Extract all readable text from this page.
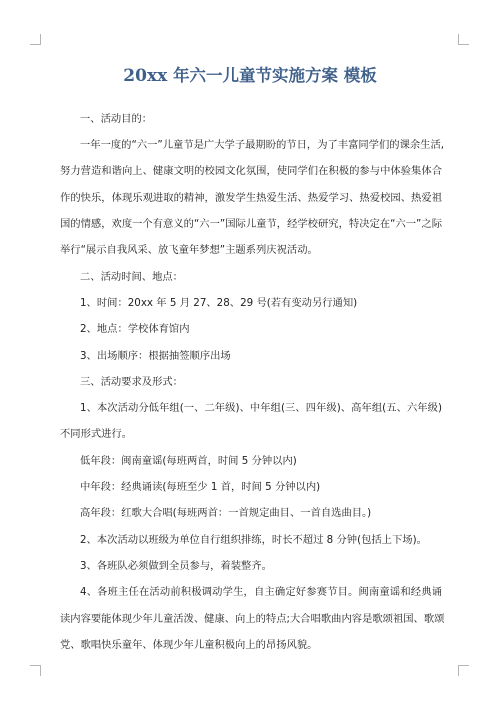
20xx 年六一儿童节实施方案 模板
一、活动目的：
一年一度的“六一”儿童节是广大学子最期盼的节日，为了丰富同学们的课余生活,
努力营造和谐向上、健康文明的校园文化氛围，使同学们在积极的参与中体验集体合
作的快乐，体现乐观进取的精神，激发学生热爱生活、热爱学习、热爱校园、热爱祖
国的情感，欢度一个有意义的“六一”国际儿童节，经学校研究，特决定在“六一”之际
举行“展示自我风采、放飞童年梦想”主题系列庆祝活动。
二、活动时间、地点：
1、时间：20xx 年 5 月 27、28、29 号(若有变动另行通知)
2、地点：学校体育馆内
3、出场顺序：根据抽签顺序出场
三、活动要求及形式：
1、本次活动分低年组(一、二年级)、中年组(三、四年级)、高年组(五、六年级)
不同形式进行。
低年段：闽南童谣(每班两首，时间 5 分钟以内)
中年段：经典诵读(每班至少 1 首，时间 5 分钟以内)
高年段：红歌大合唱(每班两首：一首规定曲目、一首自选曲目。)
2、本次活动以班级为单位自行组织排练，时长不超过 8 分钟(包括上下场)。
3、各班队必须做到全员参与，着装整齐。
4、各班主任在活动前积极调动学生，自主确定好参赛节目。闽南童谣和经典诵
读内容要能体现少年儿童活泼、健康、向上的特点;大合唱歌曲内容是歌颂祖国、歌颂
党、歌唱快乐童年、体现少年儿童积极向上的昂扬风貌。
